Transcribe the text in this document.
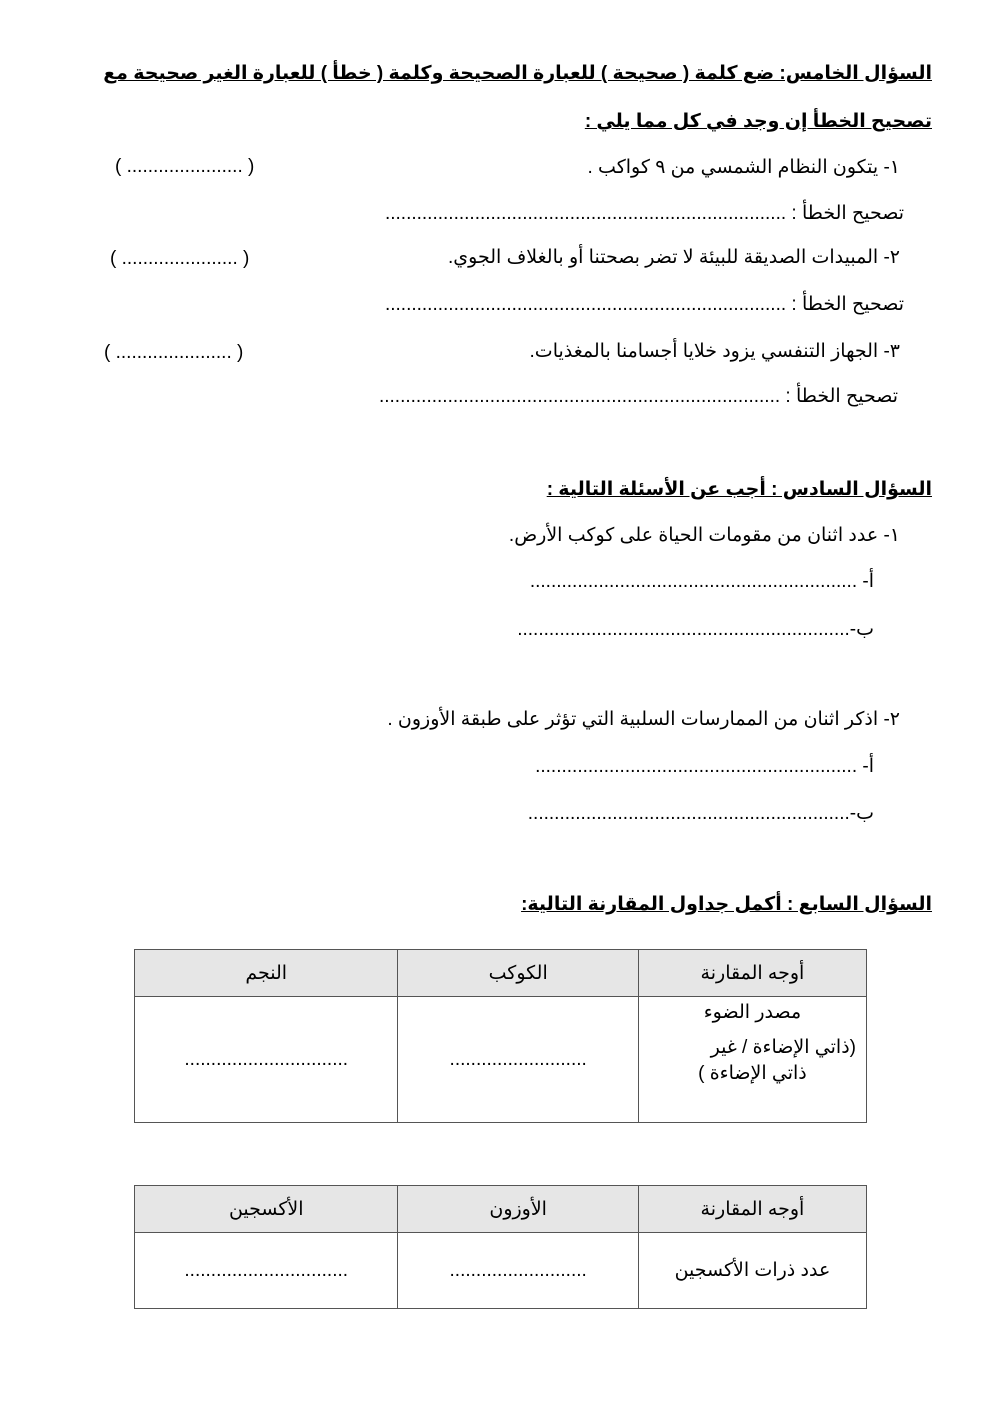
السؤال الخامس: ضع كلمة ( صحيحة ) للعبارة الصحيحة وكلمة ( خطأ ) للعبارة الغير صحيحة مع
تصحيح الخطأ إن وجد في كل مما يلي :
١- يتكون النظام الشمسي من ٩ كواكب .
( ...................... )
تصحيح الخطأ : ............................................................................
٢- المبيدات الصديقة للبيئة لا تضر بصحتنا أو بالغلاف الجوي.
( ...................... )
تصحيح الخطأ : ............................................................................
٣- الجهاز التنفسي يزود خلايا أجسامنا بالمغذيات.
( ...................... )
تصحيح الخطأ : ............................................................................
السؤال السادس : أجب عن الأسئلة التالية :
١- عدد اثنان من مقومات الحياة على كوكب الأرض.
أ- ..............................................................
ب-...............................................................
٢- اذكر اثنان من الممارسات السلبية التي تؤثر على طبقة الأوزون .
أ- .............................................................
ب-.............................................................
السؤال السابع : أكمل جداول المقارنة التالية:
أوجه المقارنة	الكوكب	النجم

مصدر الضوء
(ذاتي الإضاءة / غير
ذاتي الإضاءة )	..........................	...............................
أوجه المقارنة	الأوزون	الأكسجين
عدد ذرات الأكسجين	..........................	...............................
